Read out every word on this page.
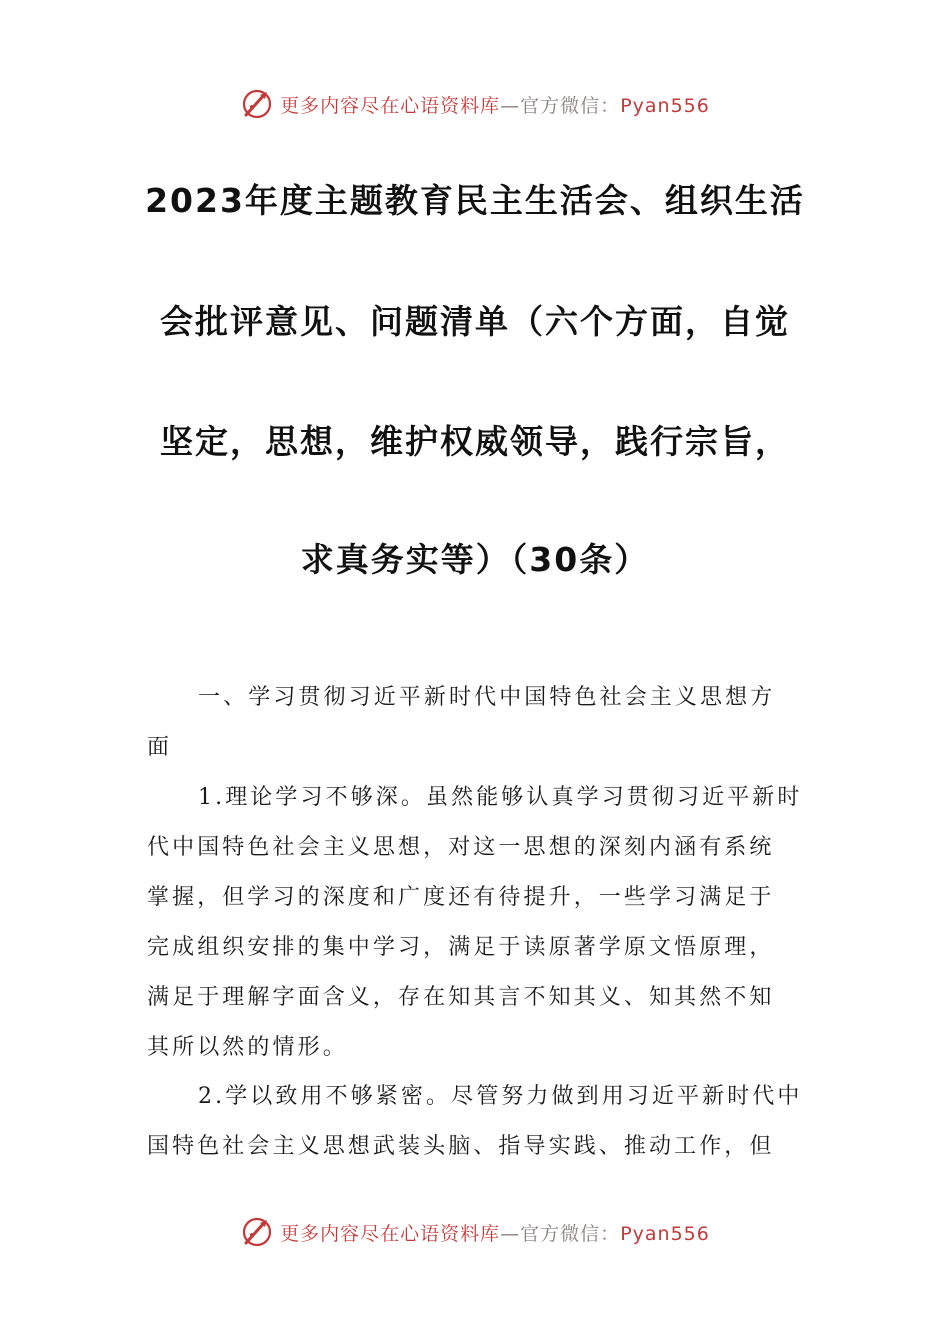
更多内容尽在心语资料库—官方微信：Pyan556
2023年度主题教育民主生活会、组织生活
会批评意见、问题清单（六个方面，自觉
坚定，思想，维护权威领导，践行宗旨，
求真务实等）（30条）
一、学习贯彻习近平新时代中国特色社会主义思想方
面
1.理论学习不够深。虽然能够认真学习贯彻习近平新时
代中国特色社会主义思想，对这一思想的深刻内涵有系统
掌握，但学习的深度和广度还有待提升，一些学习满足于
完成组织安排的集中学习，满足于读原著学原文悟原理，
满足于理解字面含义，存在知其言不知其义、知其然不知
其所以然的情形。
2.学以致用不够紧密。尽管努力做到用习近平新时代中
国特色社会主义思想武装头脑、指导实践、推动工作，但
更多内容尽在心语资料库—官方微信：Pyan556
